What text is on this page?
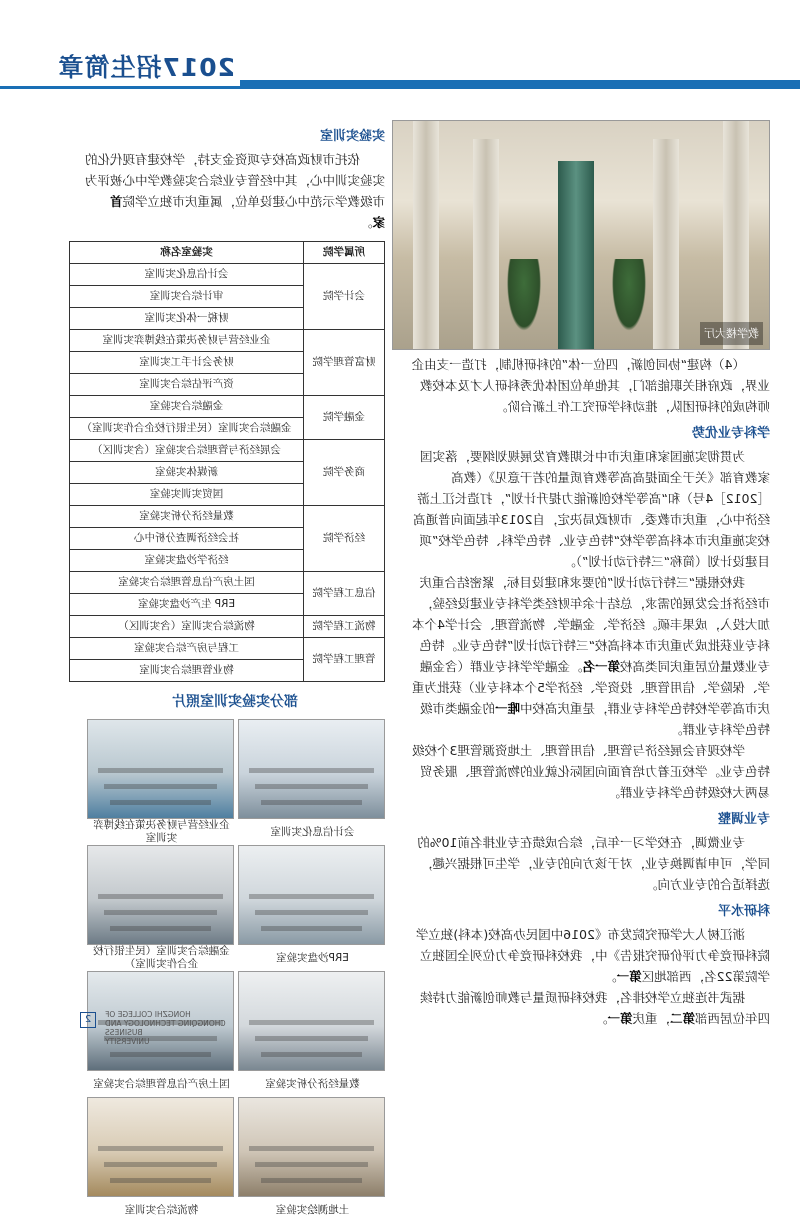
2017招生简章
实验实训室

依托市财政高校专项资金支持，学校建有现代化的实验实训中心，其中经管专业综合实验教学中心被评为市级教学示范中心建设单位，属重庆市独立学院首家。

所属学院	实验室名称
会计学院	会计信息化实训室
	审计综合实训室
	财税一体化实训室
财富管理学院	企业经营与财务决策在线博弈实训室
	财务会计手工实训室
	资产评估综合实训室
金融学院	金融综合实验室
	金融综合实训室（民生银行校企合作实训室）
商务学院	会展经济与管理综合实验室（含实训区）
	新媒体实验室
	国贸实训实验室
经济学院	数量经济分析实验室
	社会经济调查分析中心
	经济学沙盘实验室
信息工程学院	国土房产信息管理综合实验室
	ERP 生产沙盘实验室
物流工程学院	物流综合实训室（含实训区）
管理工程学院	工程与房产综合实验室
	物业管理综合实训室
部分实验实训室照片
会计信息化实训室
企业经营与财务决策在线博弈实训室
ERP沙盘实验室
金融综合实训室（民生银行校企合作实训室）
数量经济分析实验室
国土房产信息管理综合实验室
土地测绘实验室
物流综合实训室
教学楼大厅

（4）构建“协同创新，四位一体”的科研机制，打造一支由企业界，政府相关职能部门，其他单位团体优秀科研人才及本校教师构成的科研团队，推动科学研究工作上新台阶。

学科专业优势

为贯彻实施国家和重庆市中长期教育发展规划纲要，落实国家教育部《关于全面提高高等教育质量的若干意见》（教高［2012］4号）和“高等学校创新能力提升计划”，打造长江上游经济中心，重庆市教委、市财政局决定，自2013年起面向普通高校实施重庆市本科高等学校“特色专业、特色学科、特色学校”项目建设计划（简称“三特行动计划”）。

我校根据“三特行动计划”的要求和建设目标，紧密结合重庆市经济社会发展的需求，总结十余年财经类学科专业建设经验，加大投入，成果丰硕。经济学、金融学、物流管理、会计学4个本科专业获批成为重庆市本科高校“三特行动计划”特色专业。特色专业数量位居重庆同类高校第一名。金融学学科专业群（含金融学、保险学、信用管理、投资学、经济学5个本科专业）获批为重庆市高等学校特色学科专业群，是重庆高校中唯一的金融类市级特色学科专业群。

学校现有会展经济与管理、信用管理、土地资源管理3个校级特色专业。学校正着力培育面向国际化就业的物流管理、服务贸易两大校级特色学科专业群。

专业调整

专业微调，在校学习一年后，综合成绩在专业排名前10%的同学，可申请调换专业，对于该方向的专业，学生可根据兴趣，选择适合的专业方向。

科研水平

浙江树人大学研究院发布《2016中国民办高校(本科)独立学院科研竞争力评价研究报告》中，我校科研竞争力位列全国独立学院第22名，西部地区第一。

据武书连独立学校排名，我校科研质量与教师创新能力持续四年位居西部第二，重庆第一。

2	HONGZHI COLLEGE OF
CHONGQING TECHNOLOGY AND BUSINESS
UNIVERSITY
